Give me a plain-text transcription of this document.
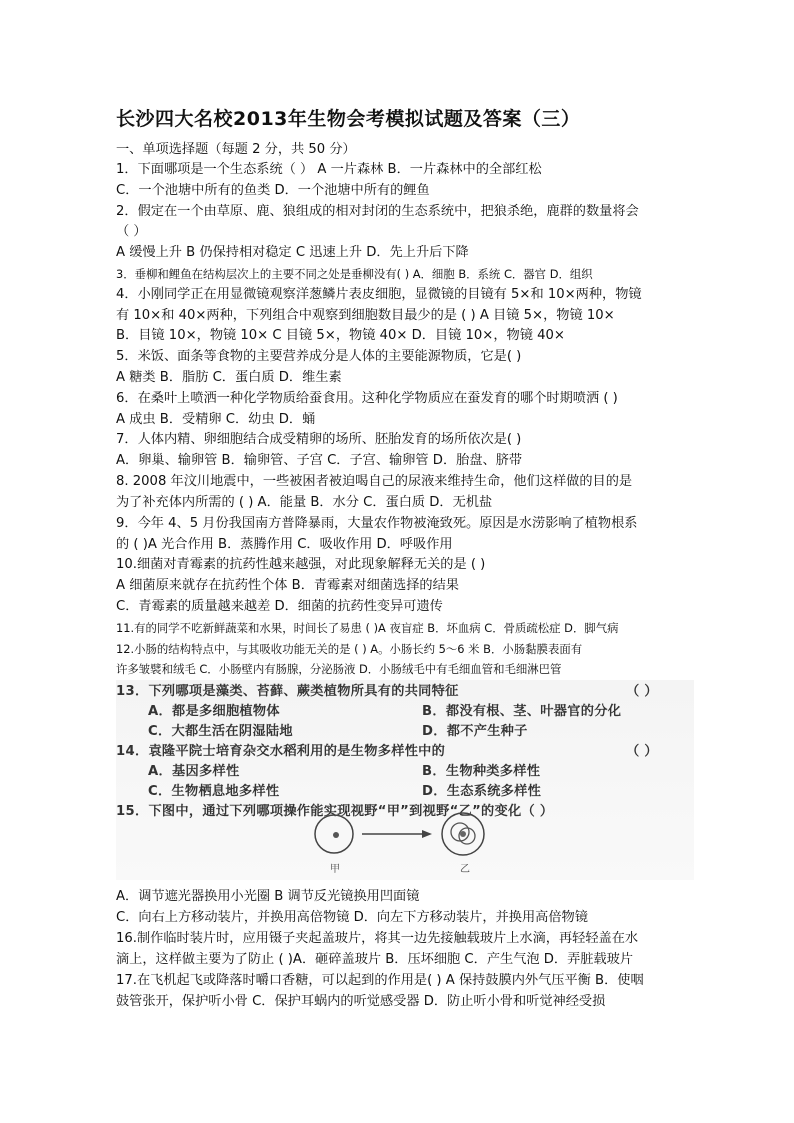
长沙四大名校2013年生物会考模拟试题及答案（三）
一、单项选择题（每题 2 分，共 50 分）
1．下面哪项是一个生态系统（ ） A 一片森林 B．一片森林中的全部红松
C．一个池塘中所有的鱼类 D．一个池塘中所有的鲤鱼
2．假定在一个由草原、鹿、狼组成的相对封闭的生态系统中，把狼杀绝，鹿群的数量将会
（ ）
A 缓慢上升 B 仍保持相对稳定 C 迅速上升 D．先上升后下降
3．垂柳和鲤鱼在结构层次上的主要不同之处是垂柳没有( ) A．细胞 B．系统 C．器官 D．组织
4．小刚同学正在用显微镜观察洋葱鳞片表皮细胞，显微镜的目镜有 5×和 10×两种，物镜
有 10×和 40×两种，下列组合中观察到细胞数目最少的是 ( ) A 目镜 5×，物镜 10×
B．目镜 10×，物镜 10× C 目镜 5×，物镜 40× D．目镜 10×，物镜 40×
5．米饭、面条等食物的主要营养成分是人体的主要能源物质，它是( )
A 糖类 B．脂肪 C．蛋白质 D．维生素
6．在桑叶上喷洒一种化学物质给蚕食用。这种化学物质应在蚕发育的哪个时期喷洒 ( )
A 成虫 B．受精卵 C．幼虫 D．蛹
7．人体内精、卵细胞结合成受精卵的场所、胚胎发育的场所依次是( )
A．卵巢、输卵管 B．输卵管、子宫 C．子宫、输卵管 D．胎盘、脐带
8. 2008 年汶川地震中，一些被困者被迫喝自己的尿液来维持生命，他们这样做的目的是
为了补充体内所需的 ( ) A．能量 B．水分 C．蛋白质 D．无机盐
9．今年 4、5 月份我国南方普降暴雨，大量农作物被淹致死。原因是水涝影响了植物根系
的 ( )A 光合作用 B．蒸腾作用 C．吸收作用 D．呼吸作用
10.细菌对青霉素的抗药性越来越强，对此现象解释无关的是 ( )
A 细菌原来就存在抗药性个体 B．青霉素对细菌选择的结果
C．青霉素的质量越来越差 D．细菌的抗药性变异可遗传
11.有的同学不吃新鲜蔬菜和水果，时间长了易患 ( )A 夜盲症 B．坏血病 C．骨质疏松症 D．脚气病
12.小肠的结构特点中，与其吸收功能无关的是 ( ) A。小肠长约 5～6 米 B．小肠黏膜表面有
许多皱襞和绒毛 C．小肠壁内有肠腺，分泌肠液 D．小肠绒毛中有毛细血管和毛细淋巴管
13．下列哪项是藻类、苔藓、蕨类植物所具有的共同特征	（ ）
A．都是多细胞植物体	B．都没有根、茎、叶器官的分化
C．大都生活在阴湿陆地	D．都不产生种子
14．袁隆平院士培育杂交水稻利用的是生物多样性中的	（ ）
A．基因多样性	B．生物种类多样性
C．生物栖息地多样性	D．生态系统多样性
15．下图中，通过下列哪项操作能实现视野“甲”到视野“乙”的变化（ ）
甲	乙
A．调节遮光器换用小光圈 B 调节反光镜换用凹面镜
C．向右上方移动装片，并换用高倍物镜 D．向左下方移动装片，并换用高倍物镜
16.制作临时装片时，应用镊子夹起盖玻片，将其一边先接触载玻片上水滴，再轻轻盖在水
滴上，这样做主要为了防止 ( )A．砸碎盖玻片 B．压坏细胞 C．产生气泡 D．弄脏载玻片
17.在飞机起飞或降落时嚼口香糖，可以起到的作用是( ) A 保持鼓膜内外气压平衡 B．使咽
鼓管张开，保护听小骨 C．保护耳蜗内的听觉感受器 D．防止听小骨和听觉神经受损
